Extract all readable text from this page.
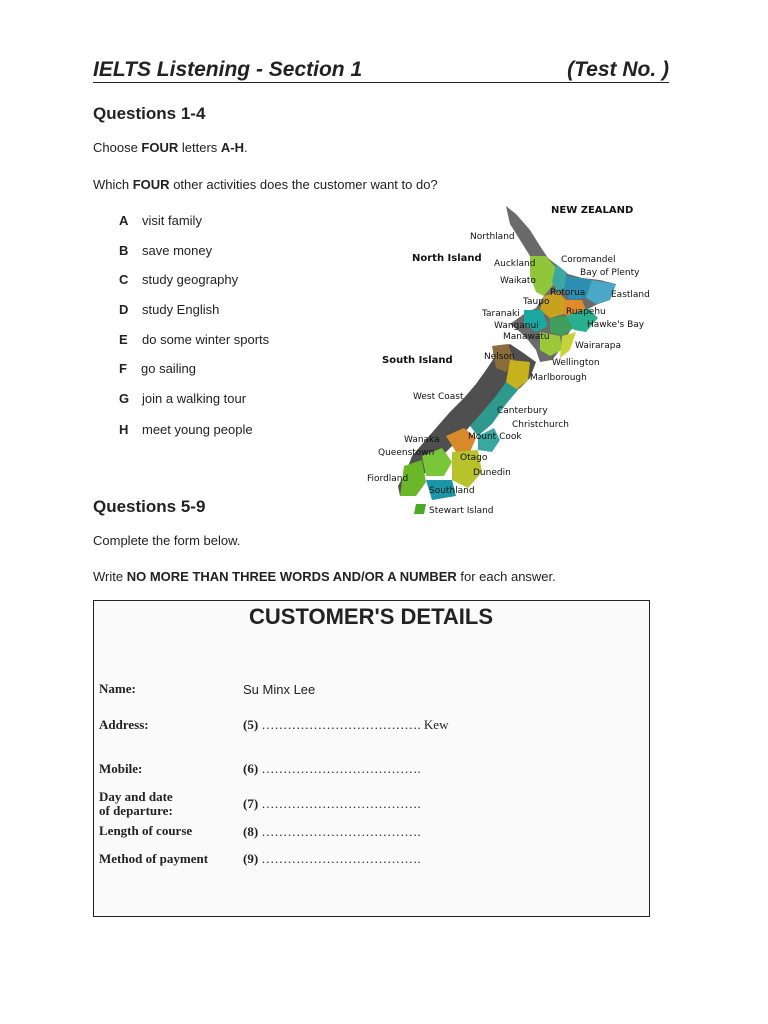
IELTS Listening - Section 1	(Test No. )
Questions 1-4
Choose FOUR letters A-H.
Which FOUR other activities does the customer want to do?
A visit family
B save money
C study geography
D study English
E do some winter sports
F go sailing
G join a walking tour
H meet young people
NEW ZEALAND
North Island
South Island
Northland
Auckland	Coromandel
Bay of Plenty
Waikato
Rotorua	Eastland
Taupo
Ruapehu
Taranaki
Hawke's Bay
Wanganui
Manawatu
Wairarapa
Nelson
Wellington
Marlborough
West Coast
Canterbury
Christchurch
Wanaka	Mount Cook
Queenstown	Otago
Dunedin
Fiordland
Southland
Stewart Island
Questions 5-9
Complete the form below.
Write NO MORE THAN THREE WORDS AND/OR A NUMBER for each answer.
CUSTOMER'S DETAILS
Name:	Su Minx Lee
Address:	(5) ………………………………. Kew
Mobile:	(6) ……………………………….
Day and date
of departure:	(7) ……………………………….
Length of course	(8) ……………………………….
Method of payment	(9) ……………………………….
